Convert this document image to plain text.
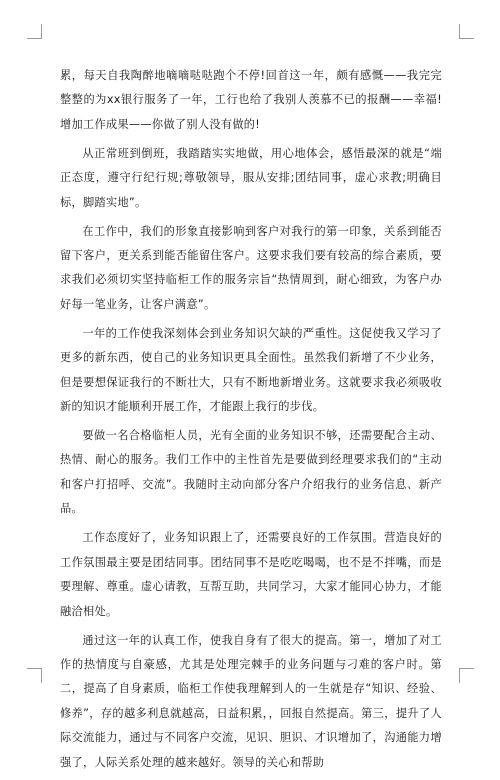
累，每天自我陶醉地嘀嘀哒哒跑个不停!回首这一年，颇有感慨——我完完整整的为xx银行服务了一年，工行也给了我别人羡慕不已的报酬——幸福!增加工作成果——你做了别人没有做的!

从正常班到倒班，我踏踏实实地做，用心地体会，感悟最深的就是“端正态度，遵守行纪行规;尊敬领导，服从安排;团结同事，虚心求教;明确目标，脚踏实地”。

在工作中，我们的形象直接影响到客户对我行的第一印象，关系到能否留下客户，更关系到能否能留住客户。这要求我们要有较高的综合素质，要求我们必须切实坚持临柜工作的服务宗旨“热情周到，耐心细致，为客户办好每一笔业务，让客户满意”。

一年的工作使我深刻体会到业务知识欠缺的严重性。这促使我又学习了更多的新东西，使自己的业务知识更具全面性。虽然我们新增了不少业务，但是要想保证我行的不断壮大，只有不断地新增业务。这就要求我必须吸收新的知识才能顺利开展工作，才能跟上我行的步伐。

要做一名合格临柜人员，光有全面的业务知识不够，还需要配合主动、热情、耐心的服务。我们工作中的主性首先是要做到经理要求我们的“主动和客户打招呼、交流”。我随时主动向部分客户介绍我行的业务信息、新产品。

工作态度好了，业务知识跟上了，还需要良好的工作氛围。营造良好的工作氛围最主要是团结同事。团结同事不是吃吃喝喝，也不是不拌嘴，而是要理解、尊重。虚心请教，互帮互助，共同学习，大家才能同心协力，才能融洽相处。

通过这一年的认真工作，使我自身有了很大的提高。第一，增加了对工作的热情度与自豪感，尤其是处理完棘手的业务问题与刁难的客户时。第二，提高了自身素质，临柜工作使我理解到人的一生就是存“知识、经验、修养”，存的越多利息就越高，日益积累，，回报自然提高。第三，提升了人际交流能力，通过与不同客户交流，见识、胆识、才识增加了，沟通能力增强了，人际关系处理的越来越好。领导的关心和帮助
